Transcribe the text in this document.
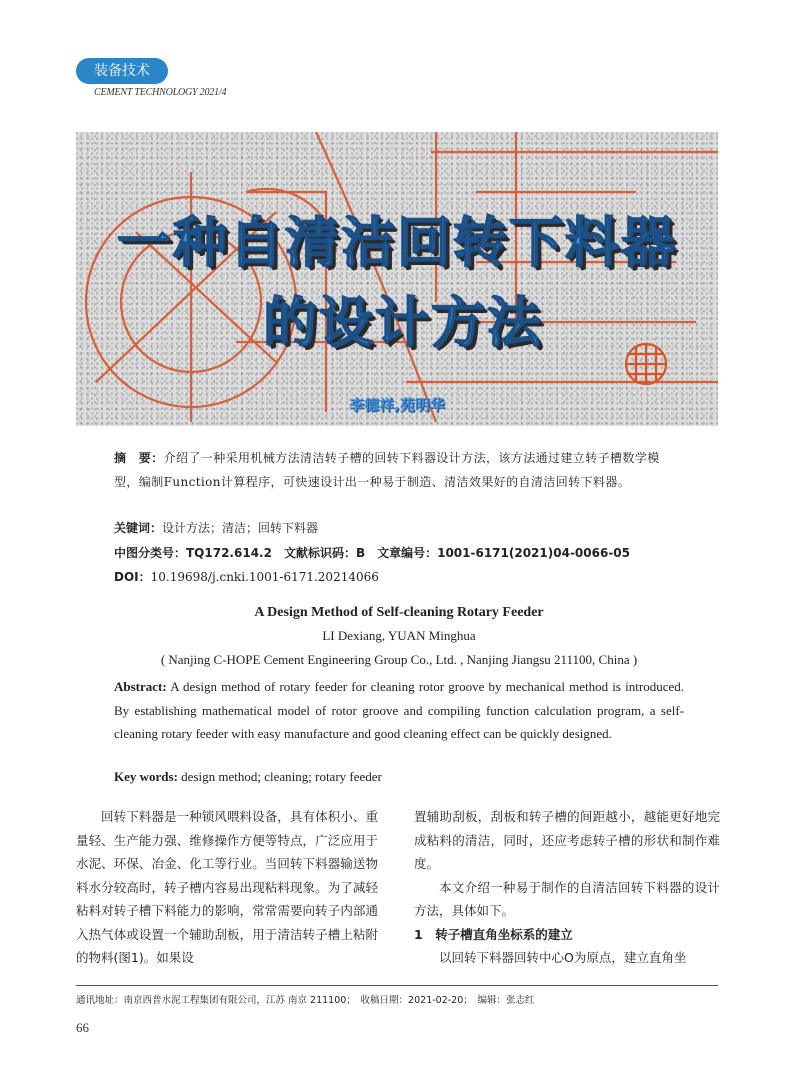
装备技术
CEMENT TECHNOLOGY 2021/4
一种自清洁回转下料器
的设计方法
李德祥,苑明华
摘　要：介绍了一种采用机械方法清洁转子槽的回转下料器设计方法，该方法通过建立转子槽数学模型，编制Function计算程序，可快速设计出一种易于制造、清洁效果好的自清洁回转下料器。
关键词：设计方法；清洁；回转下料器
中图分类号：TQ172.614.2　文献标识码：B　文章编号：1001-6171(2021)04-0066-05
DOI：10.19698/j.cnki.1001-6171.20214066
A Design Method of Self-cleaning Rotary Feeder
LI Dexiang, YUAN Minghua
( Nanjing C-HOPE Cement Engineering Group Co., Ltd. , Nanjing Jiangsu 211100, China )
Abstract: A design method of rotary feeder for cleaning rotor groove by mechanical method is introduced. By establishing mathematical model of rotor groove and compiling function calculation program, a self-cleaning rotary feeder with easy manufacture and good cleaning effect can be quickly designed.
Key words: design method; cleaning; rotary feeder

回转下料器是一种锁风喂料设备，具有体积小、重量轻、生产能力强、维修操作方便等特点，广泛应用于水泥、环保、冶金、化工等行业。当回转下料器输送物料水分较高时，转子槽内容易出现粘料现象。为了减轻粘料对转子槽下料能力的影响，常常需要向转子内部通入热气体或设置一个辅助刮板，用于清洁转子槽上粘附的物料(图1)。如果设

置辅助刮板，刮板和转子槽的间距越小，越能更好地完成粘料的清洁，同时，还应考虑转子槽的形状和制作难度。

本文介绍一种易于制作的自清洁回转下料器的设计方法，具体如下。

1　转子槽直角坐标系的建立

以回转下料器回转中心O为原点，建立直角坐

通讯地址：南京西普水泥工程集团有限公司，江苏 南京 211100；　收稿日期：2021-02-20；　编辑：张志红
66
